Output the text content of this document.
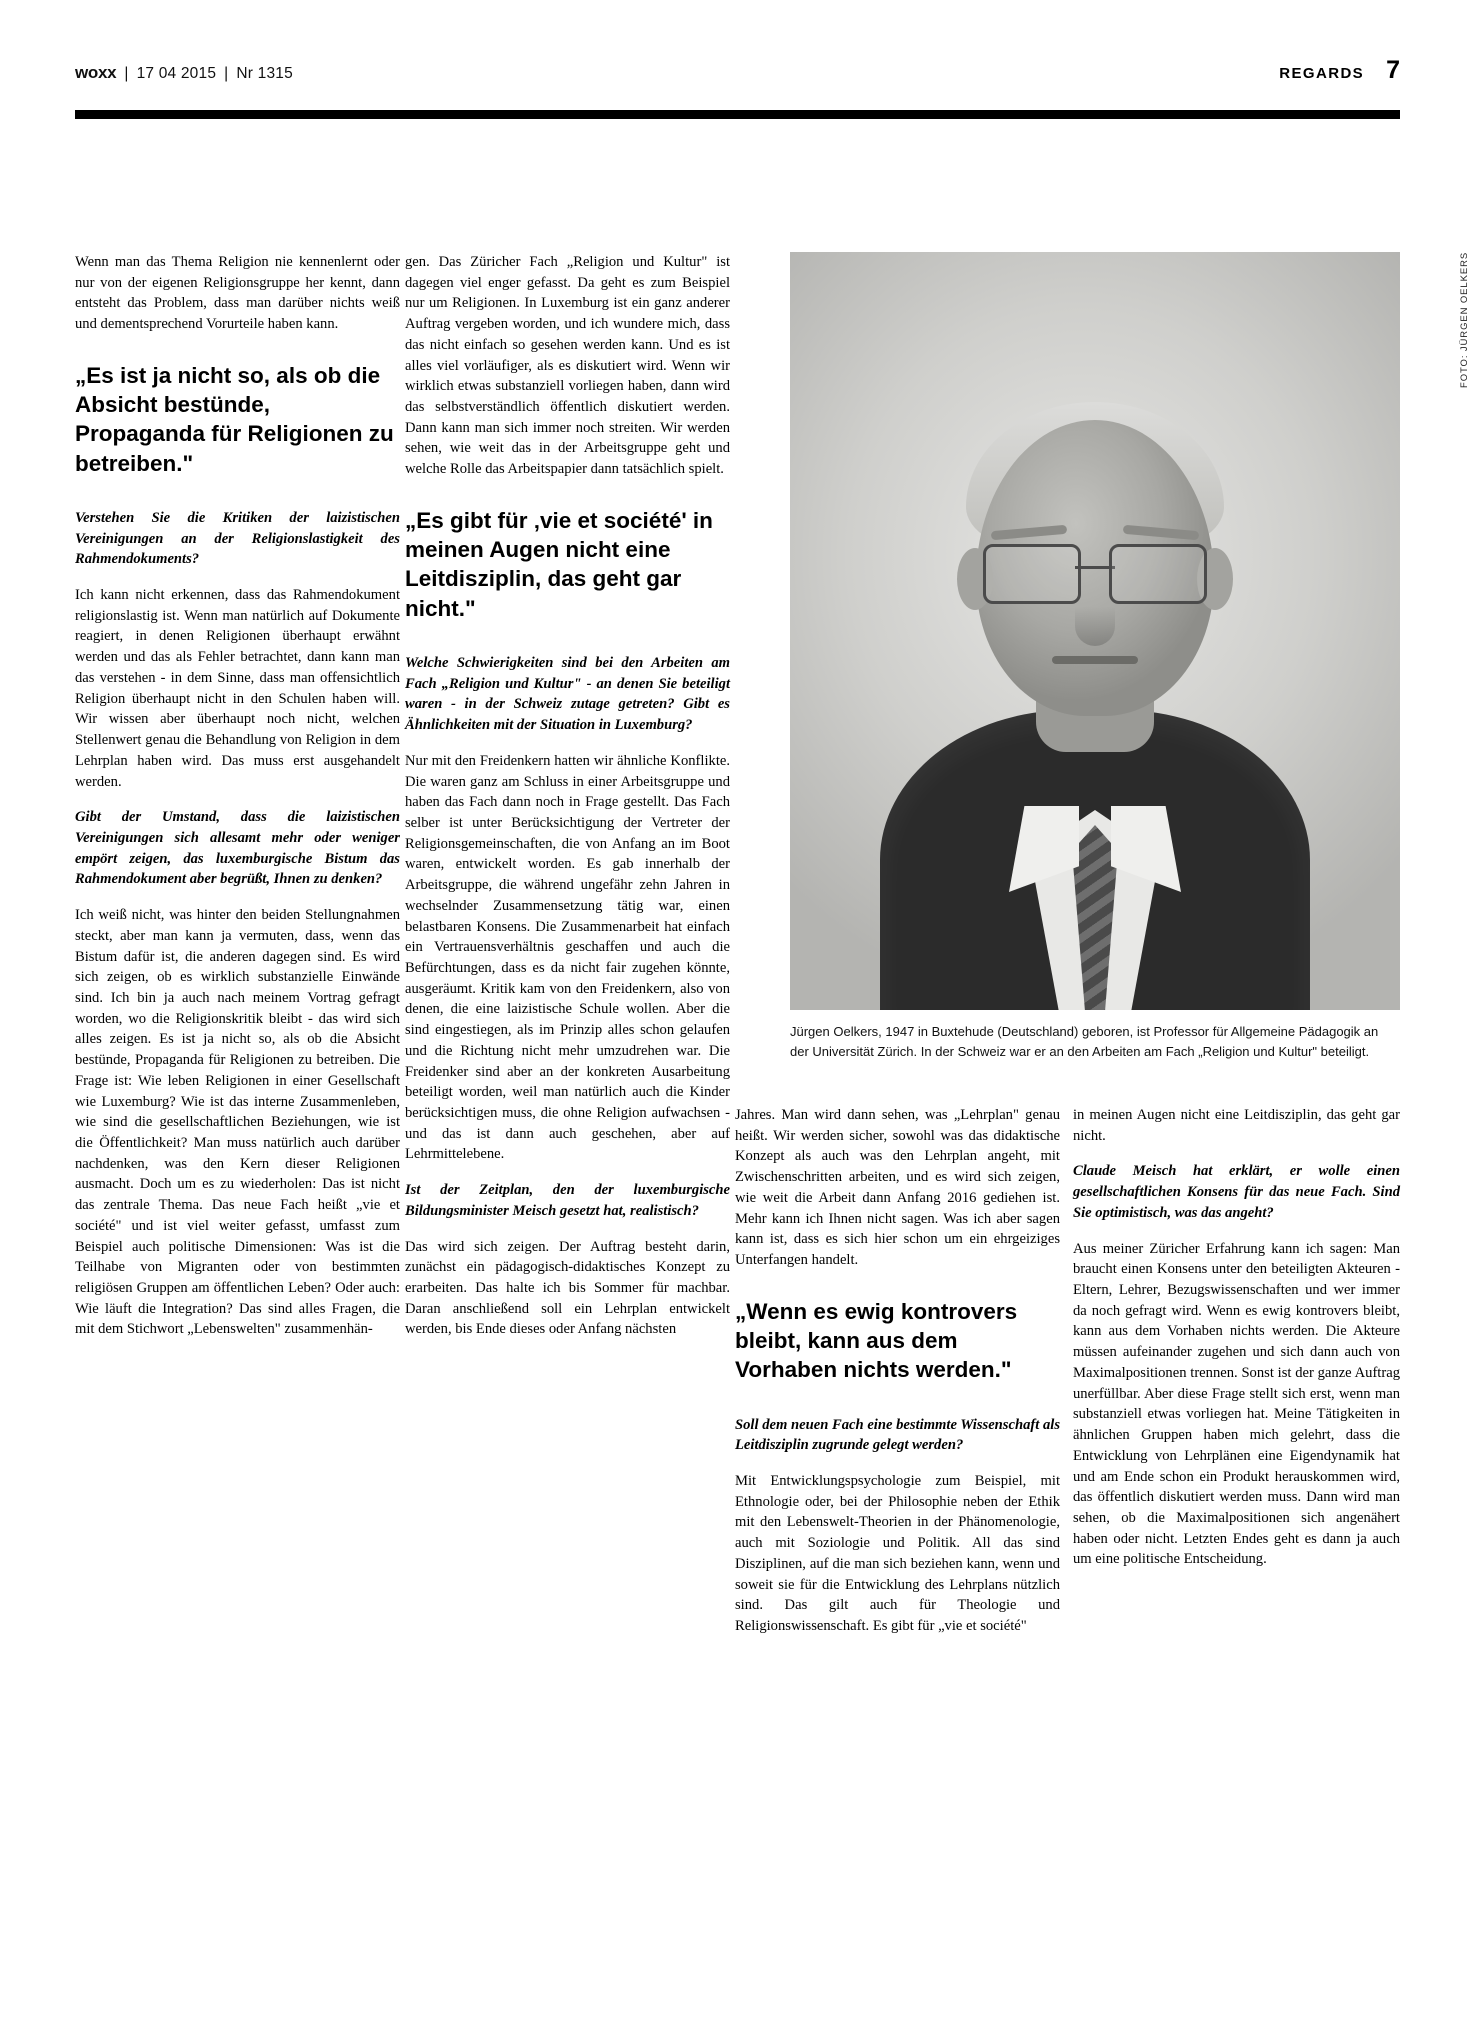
woxx | 17 04 2015 | Nr 1315	REGARDS 7

Wenn man das Thema Religion nie kennenlernt oder nur von der eigenen Religionsgruppe her kennt, dann entsteht das Problem, dass man darüber nichts weiß und dementsprechend Vorurteile haben kann.

„Es ist ja nicht so, als ob die Absicht bestünde, Propaganda für Religionen zu betreiben."

Verstehen Sie die Kritiken der laizistischen Vereinigungen an der Religionslastigkeit des Rahmendokuments?

Ich kann nicht erkennen, dass das Rahmendokument religionslastig ist. Wenn man natürlich auf Dokumente reagiert, in denen Religionen überhaupt erwähnt werden und das als Fehler betrachtet, dann kann man das verstehen - in dem Sinne, dass man offensichtlich Religion überhaupt nicht in den Schulen haben will. Wir wissen aber überhaupt noch nicht, welchen Stellenwert genau die Behandlung von Religion in dem Lehrplan haben wird. Das muss erst ausgehandelt werden.

Gibt der Umstand, dass die laizistischen Vereinigungen sich allesamt mehr oder weniger empört zeigen, das luxemburgische Bistum das Rahmendokument aber begrüßt, Ihnen zu denken?

Ich weiß nicht, was hinter den beiden Stellungnahmen steckt, aber man kann ja vermuten, dass, wenn das Bistum dafür ist, die anderen dagegen sind. Es wird sich zeigen, ob es wirklich substanzielle Einwände sind. Ich bin ja auch nach meinem Vortrag gefragt worden, wo die Religionskritik bleibt - das wird sich alles zeigen. Es ist ja nicht so, als ob die Absicht bestünde, Propaganda für Religionen zu betreiben. Die Frage ist: Wie leben Religionen in einer Gesellschaft wie Luxemburg? Wie ist das interne Zusammenleben, wie sind die gesellschaftlichen Beziehungen, wie ist die Öffentlichkeit? Man muss natürlich auch darüber nachdenken, was den Kern dieser Religionen ausmacht. Doch um es zu wiederholen: Das ist nicht das zentrale Thema. Das neue Fach heißt „vie et société" und ist viel weiter gefasst, umfasst zum Beispiel auch politische Dimensionen: Was ist die Teilhabe von Migranten oder von bestimmten religiösen Gruppen am öffentlichen Leben? Oder auch: Wie läuft die Integration? Das sind alles Fragen, die mit dem Stichwort „Lebenswelten" zusammenhän-

gen. Das Züricher Fach „Religion und Kultur" ist dagegen viel enger gefasst. Da geht es zum Beispiel nur um Religionen. In Luxemburg ist ein ganz anderer Auftrag vergeben worden, und ich wundere mich, dass das nicht einfach so gesehen werden kann. Und es ist alles viel vorläufiger, als es diskutiert wird. Wenn wir wirklich etwas substanziell vorliegen haben, dann wird das selbstverständlich öffentlich diskutiert werden. Dann kann man sich immer noch streiten. Wir werden sehen, wie weit das in der Arbeitsgruppe geht und welche Rolle das Arbeitspapier dann tatsächlich spielt.

„Es gibt für ‚vie et société' in meinen Augen nicht eine Leitdisziplin, das geht gar nicht."

Welche Schwierigkeiten sind bei den Arbeiten am Fach „Religion und Kultur" - an denen Sie beteiligt waren - in der Schweiz zutage getreten? Gibt es Ähnlichkeiten mit der Situation in Luxemburg?

Nur mit den Freidenkern hatten wir ähnliche Konflikte. Die waren ganz am Schluss in einer Arbeitsgruppe und haben das Fach dann noch in Frage gestellt. Das Fach selber ist unter Berücksichtigung der Vertreter der Religionsgemeinschaften, die von Anfang an im Boot waren, entwickelt worden. Es gab innerhalb der Arbeitsgruppe, die während ungefähr zehn Jahren in wechselnder Zusammensetzung tätig war, einen belastbaren Konsens. Die Zusammenarbeit hat einfach ein Vertrauensverhältnis geschaffen und auch die Befürchtungen, dass es da nicht fair zugehen könnte, ausgeräumt. Kritik kam von den Freidenkern, also von denen, die eine laizistische Schule wollen. Aber die sind eingestiegen, als im Prinzip alles schon gelaufen und die Richtung nicht mehr umzudrehen war. Die Freidenker sind aber an der konkreten Ausarbeitung beteiligt worden, weil man natürlich auch die Kinder berücksichtigen muss, die ohne Religion aufwachsen - und das ist dann auch geschehen, aber auf Lehrmittelebene.

Ist der Zeitplan, den der luxemburgische Bildungsminister Meisch gesetzt hat, realistisch?

Das wird sich zeigen. Der Auftrag besteht darin, zunächst ein pädagogisch-didaktisches Konzept zu erarbeiten. Das halte ich bis Sommer für machbar. Daran anschließend soll ein Lehrplan entwickelt werden, bis Ende dieses oder Anfang nächsten

FOTO: JÜRGEN OELKERS
Jürgen Oelkers, 1947 in Buxtehude (Deutschland) geboren, ist Professor für Allgemeine Pädagogik an der Universität Zürich. In der Schweiz war er an den Arbeiten am Fach „Religion und Kultur" beteiligt.

Jahres. Man wird dann sehen, was „Lehrplan" genau heißt. Wir werden sicher, sowohl was das didaktische Konzept als auch was den Lehrplan angeht, mit Zwischenschritten arbeiten, und es wird sich zeigen, wie weit die Arbeit dann Anfang 2016 gediehen ist. Mehr kann ich Ihnen nicht sagen. Was ich aber sagen kann ist, dass es sich hier schon um ein ehrgeiziges Unterfangen handelt.

„Wenn es ewig kontrovers bleibt, kann aus dem Vorhaben nichts werden."

Soll dem neuen Fach eine bestimmte Wissenschaft als Leitdisziplin zugrunde gelegt werden?

Mit Entwicklungspsychologie zum Beispiel, mit Ethnologie oder, bei der Philosophie neben der Ethik mit den Lebenswelt-Theorien in der Phänomenologie, auch mit Soziologie und Politik. All das sind Disziplinen, auf die man sich beziehen kann, wenn und soweit sie für die Entwicklung des Lehrplans nützlich sind. Das gilt auch für Theologie und Religionswissenschaft. Es gibt für „vie et société"

in meinen Augen nicht eine Leitdisziplin, das geht gar nicht.

Claude Meisch hat erklärt, er wolle einen gesellschaftlichen Konsens für das neue Fach. Sind Sie optimistisch, was das angeht?

Aus meiner Züricher Erfahrung kann ich sagen: Man braucht einen Konsens unter den beteiligten Akteuren - Eltern, Lehrer, Bezugswissenschaften und wer immer da noch gefragt wird. Wenn es ewig kontrovers bleibt, kann aus dem Vorhaben nichts werden. Die Akteure müssen aufeinander zugehen und sich dann auch von Maximalpositionen trennen. Sonst ist der ganze Auftrag unerfüllbar. Aber diese Frage stellt sich erst, wenn man substanziell etwas vorliegen hat. Meine Tätigkeiten in ähnlichen Gruppen haben mich gelehrt, dass die Entwicklung von Lehrplänen eine Eigendynamik hat und am Ende schon ein Produkt herauskommen wird, das öffentlich diskutiert werden muss. Dann wird man sehen, ob die Maximalpositionen sich angenähert haben oder nicht. Letzten Endes geht es dann ja auch um eine politische Entscheidung.
